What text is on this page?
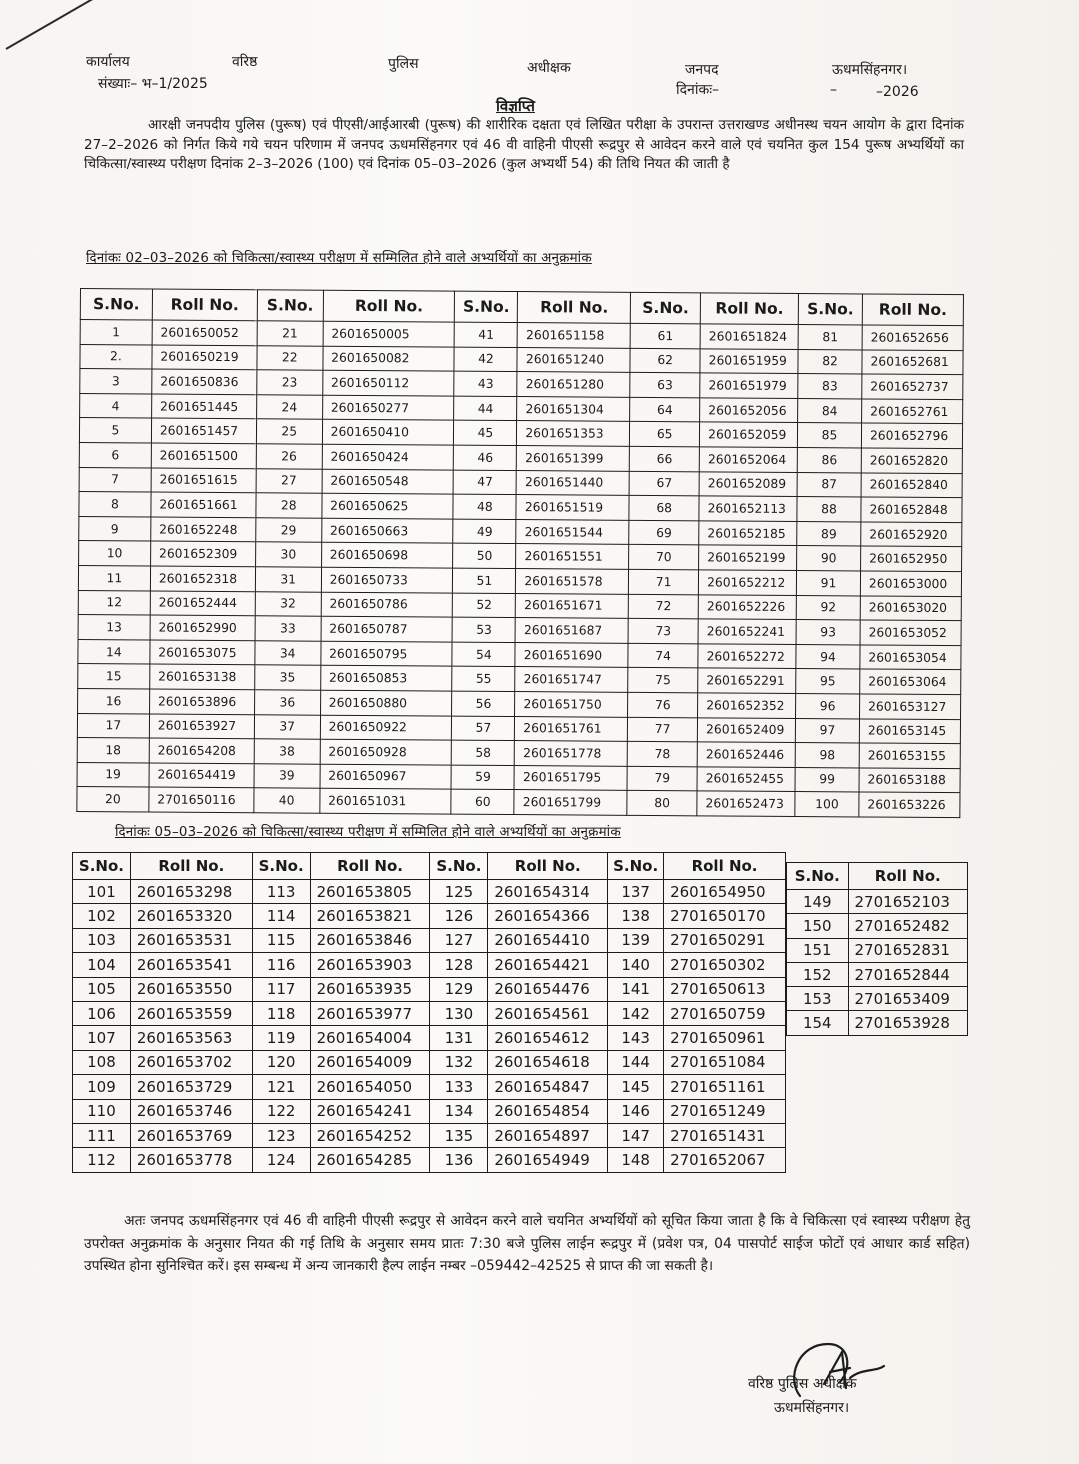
कार्यालय	वरिष्ठ	पुलिस	अधीक्षक	जनपद	ऊधमसिंहनगर।
संख्याः– भ–1/2025	दिनांकः–	–	–2026
विज्ञप्ति
आरक्षी जनपदीय पुलिस (पुरूष) एवं पीएसी/आईआरबी (पुरूष) की शारीरिक दक्षता एवं लिखित परीक्षा के उपरान्त उत्तराखण्ड अधीनस्थ चयन आयोग के द्वारा दिनांक 27–2–2026 को निर्गत किये गये चयन परिणाम में जनपद ऊधमसिंहनगर एवं 46 वी वाहिनी पीएसी रूद्रपुर से आवेदन करने वाले एवं चयनित कुल 154 पुरूष अभ्यर्थियों का चिकित्सा/स्वास्थ्य परीक्षण दिनांक 2–3–2026 (100) एवं दिनांक 05–03–2026 (कुल अभ्यर्थी 54) की तिथि नियत की जाती है
दिनांकः 02–03–2026 को चिकित्सा/स्वास्थ्य परीक्षण में सम्मिलित होने वाले अभ्यर्थियों का अनुक्रमांक
S.No.	Roll No.	S.No.	Roll No.	S.No.	Roll No.	S.No.	Roll No.	S.No.	Roll No.
1	2601650052	21	2601650005	41	2601651158	61	2601651824	81	2601652656
2.	2601650219	22	2601650082	42	2601651240	62	2601651959	82	2601652681
3	2601650836	23	2601650112	43	2601651280	63	2601651979	83	2601652737
4	2601651445	24	2601650277	44	2601651304	64	2601652056	84	2601652761
5	2601651457	25	2601650410	45	2601651353	65	2601652059	85	2601652796
6	2601651500	26	2601650424	46	2601651399	66	2601652064	86	2601652820
7	2601651615	27	2601650548	47	2601651440	67	2601652089	87	2601652840
8	2601651661	28	2601650625	48	2601651519	68	2601652113	88	2601652848
9	2601652248	29	2601650663	49	2601651544	69	2601652185	89	2601652920
10	2601652309	30	2601650698	50	2601651551	70	2601652199	90	2601652950
11	2601652318	31	2601650733	51	2601651578	71	2601652212	91	2601653000
12	2601652444	32	2601650786	52	2601651671	72	2601652226	92	2601653020
13	2601652990	33	2601650787	53	2601651687	73	2601652241	93	2601653052
14	2601653075	34	2601650795	54	2601651690	74	2601652272	94	2601653054
15	2601653138	35	2601650853	55	2601651747	75	2601652291	95	2601653064
16	2601653896	36	2601650880	56	2601651750	76	2601652352	96	2601653127
17	2601653927	37	2601650922	57	2601651761	77	2601652409	97	2601653145
18	2601654208	38	2601650928	58	2601651778	78	2601652446	98	2601653155
19	2601654419	39	2601650967	59	2601651795	79	2601652455	99	2601653188
20	2701650116	40	2601651031	60	2601651799	80	2601652473	100	2601653226
दिनांकः 05–03–2026 को चिकित्सा/स्वास्थ्य परीक्षण में सम्मिलित होने वाले अभ्यर्थियों का अनुक्रमांक
S.No.	Roll No.	S.No.	Roll No.	S.No.	Roll No.	S.No.	Roll No.
101	2601653298	113	2601653805	125	2601654314	137	2601654950
102	2601653320	114	2601653821	126	2601654366	138	2701650170
103	2601653531	115	2601653846	127	2601654410	139	2701650291
104	2601653541	116	2601653903	128	2601654421	140	2701650302
105	2601653550	117	2601653935	129	2601654476	141	2701650613
106	2601653559	118	2601653977	130	2601654561	142	2701650759
107	2601653563	119	2601654004	131	2601654612	143	2701650961
108	2601653702	120	2601654009	132	2601654618	144	2701651084
109	2601653729	121	2601654050	133	2601654847	145	2701651161
110	2601653746	122	2601654241	134	2601654854	146	2701651249
111	2601653769	123	2601654252	135	2601654897	147	2701651431
112	2601653778	124	2601654285	136	2601654949	148	2701652067
S.No.	Roll No.
149	2701652103
150	2701652482
151	2701652831
152	2701652844
153	2701653409
154	2701653928
अतः जनपद ऊधमसिंहनगर एवं 46 वी वाहिनी पीएसी रूद्रपुर से आवेदन करने वाले चयनित अभ्यर्थियों को सूचित किया जाता है कि वे चिकित्सा एवं स्वास्थ्य परीक्षण हेतु उपरोक्त अनुक्रमांक के अनुसार नियत की गई तिथि के अनुसार समय प्रातः 7:30 बजे पुलिस लाईन रूद्रपुर में (प्रवेश पत्र, 04 पासपोर्ट साईज फोटों एवं आधार कार्ड सहित) उपस्थित होना सुनिश्चित करें। इस सम्बन्ध में अन्य जानकारी हैल्प लाईन नम्बर –059442–42525 से प्राप्त की जा सकती है।
वरिष्ठ पुलिस अधीक्षक
ऊधमसिंहनगर।
